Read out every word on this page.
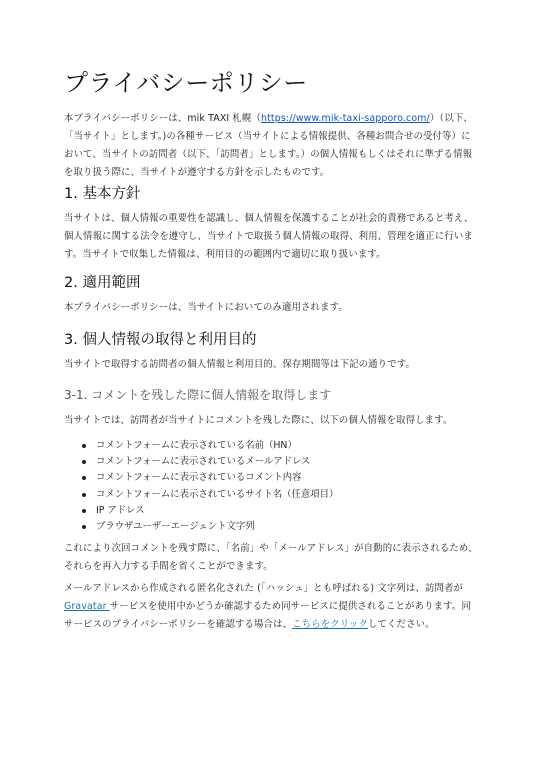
プライバシーポリシー

本プライバシーポリシーは、mik TAXI 札幌（https://www.mik-taxi-sapporo.com/）（以下、「当サイト」とします。)の各種サービス（当サイトによる情報提供、各種お問合せの受付等）において、当サイトの訪問者（以下、「訪問者」とします。）の個人情報もしくはそれに準ずる情報を取り扱う際に、当サイトが遵守する方針を示したものです。

1. 基本方針

当サイトは、個人情報の重要性を認識し、個人情報を保護することが社会的責務であると考え、個人情報に関する法令を遵守し、当サイトで取扱う個人情報の取得、利用、管理を適正に行います。当サイトで収集した情報は、利用目的の範囲内で適切に取り扱います。

2. 適用範囲

本プライバシーポリシーは、当サイトにおいてのみ適用されます。

3. 個人情報の取得と利用目的

当サイトで取得する訪問者の個人情報と利用目的、保存期間等は下記の通りです。

3-1. コメントを残した際に個人情報を取得します

当サイトでは、訪問者が当サイトにコメントを残した際に、以下の個人情報を取得します。

コメントフォームに表示されている名前（HN）
コメントフォームに表示されているメールアドレス
コメントフォームに表示されているコメント内容
コメントフォームに表示されているサイト名（任意項目）
IP アドレス
ブラウザユーザーエージェント文字列

これにより次回コメントを残す際に、「名前」や「メールアドレス」が自動的に表示されるため、それらを再入力する手間を省くことができます。

メールアドレスから作成される匿名化された (「ハッシュ」とも呼ばれる) 文字列は、訪問者が Gravatar サービスを使用中かどうか確認するため同サービスに提供されることがあります。同サービスのプライバシーポリシーを確認する場合は、こちらをクリックしてください。
